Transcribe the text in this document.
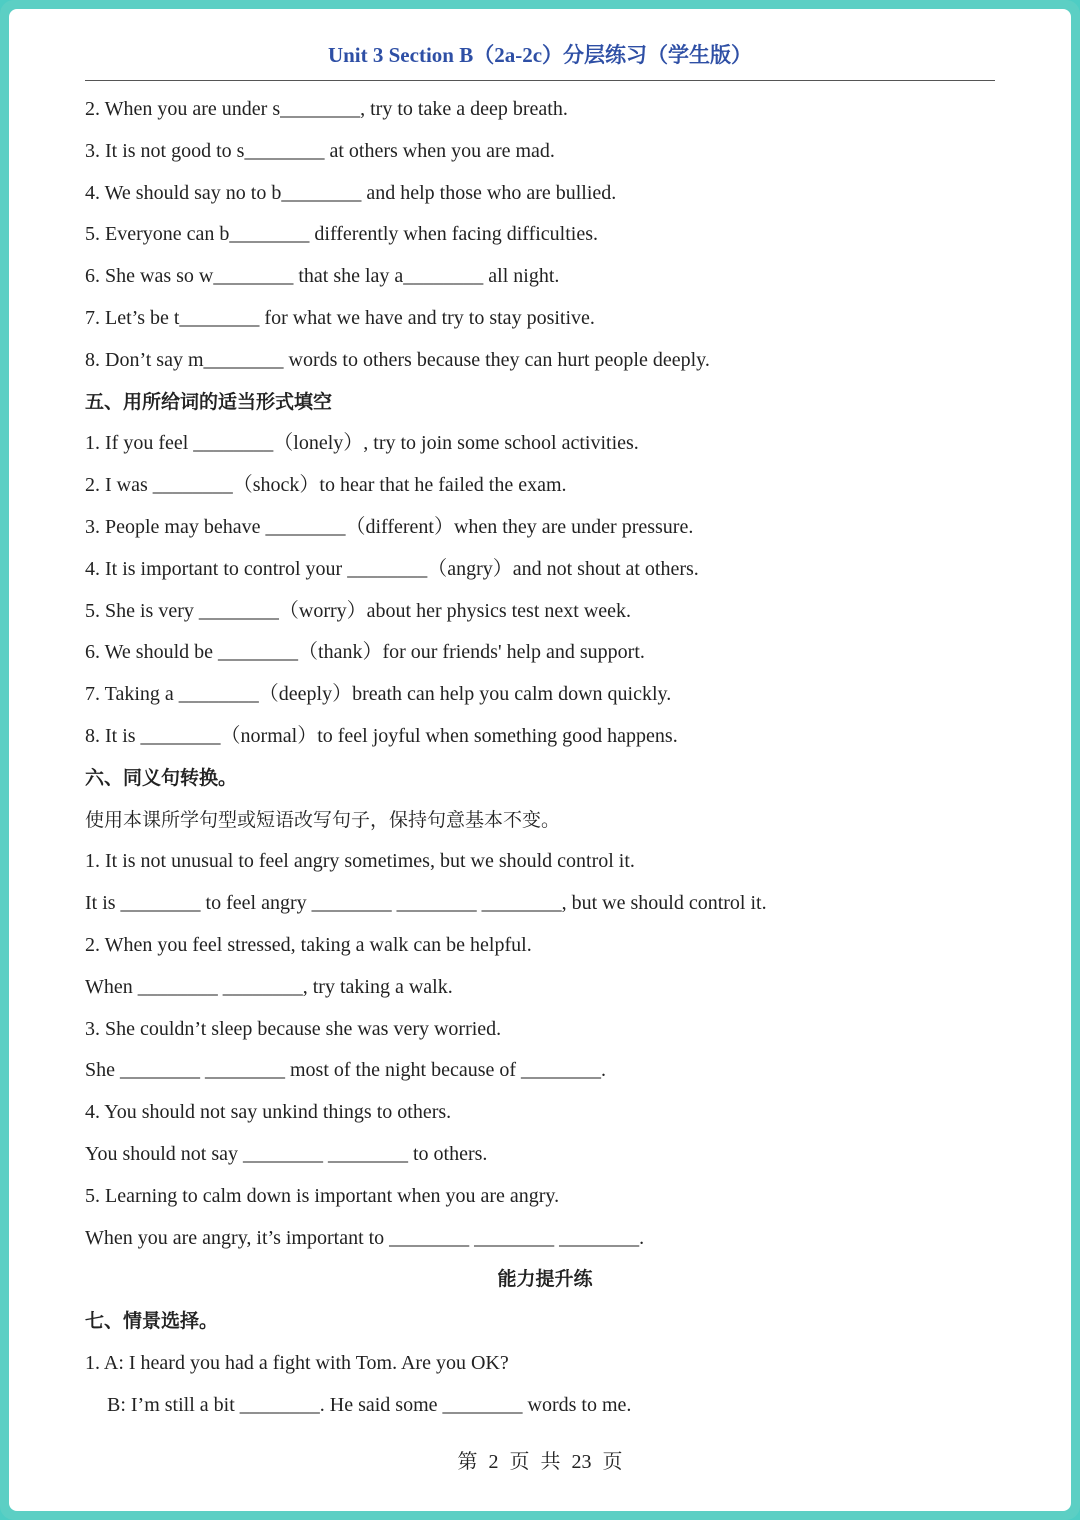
Unit 3 Section B（2a-2c）分层练习（学生版）
2. When you are under s________, try to take a deep breath.
3. It is not good to s________ at others when you are mad.
4. We should say no to b________ and help those who are bullied.
5. Everyone can b________ differently when facing difficulties.
6. She was so w________ that she lay a________ all night.
7. Let’s be t________ for what we have and try to stay positive.
8. Don’t say m________ words to others because they can hurt people deeply.
五、用所给词的适当形式填空
1. If you feel ________（lonely）, try to join some school activities.
2. I was ________（shock）to hear that he failed the exam.
3. People may behave ________（different）when they are under pressure.
4. It is important to control your ________（angry）and not shout at others.
5. She is very ________（worry）about her physics test next week.
6. We should be ________（thank）for our friends' help and support.
7. Taking a ________（deeply）breath can help you calm down quickly.
8. It is ________（normal）to feel joyful when something good happens.
六、同义句转换。
使用本课所学句型或短语改写句子，保持句意基本不变。
1. It is not unusual to feel angry sometimes, but we should control it.
It is ________ to feel angry ________ ________ ________, but we should control it.
2. When you feel stressed, taking a walk can be helpful.
When ________ ________, try taking a walk.
3. She couldn’t sleep because she was very worried.
She ________ ________ most of the night because of ________.
4. You should not say unkind things to others.
You should not say ________ ________ to others.
5. Learning to calm down is important when you are angry.
When you are angry, it’s important to ________ ________ ________.
能力提升练
七、情景选择。
1. A: I heard you had a fight with Tom. Are you OK?
B: I’m still a bit ________. He said some ________ words to me.
第 2 页 共 23 页
